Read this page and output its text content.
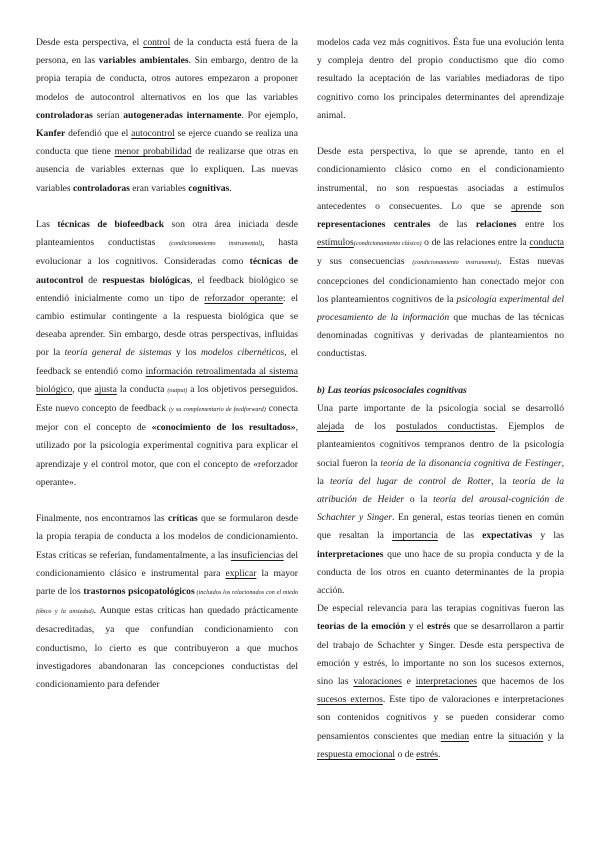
Desde esta perspectiva, el control de la conducta está fuera de la persona, en las variables ambientales. Sin embargo, dentro de la propia terapia de conducta, otros autores empezaron a proponer modelos de autocontrol alternativos en los que las variables controladoras serían autogeneradas internamente. Por ejemplo, Kanfer defendió que el autocontrol se ejerce cuando se realiza una conducta que tiene menor probabilidad de realizarse que otras en ausencia de variables externas que lo expliquen. Las nuevas variables controladoras eran variables cognitivas.

Las técnicas de biofeedback son otra área iniciada desde planteamientos conductistas (condicionamiento instrumental), hasta evolucionar a los cognitivos. Consideradas como técnicas de autocontrol de respuestas biológicas, el feedback biológico se entendió inicialmente como un tipo de reforzador operante: el cambio estimular contingente a la respuesta biológica que se deseaba aprender. Sin embargo, desde otras perspectivas, influidas por la teoría general de sistemas y los modelos cibernéticos, el feedback se entendió como información retroalimentada al sistema biológico, que ajusta la conducta (output) a los objetivos perseguidos. Este nuevo concepto de feedback (y su complementario de feedforward) conecta mejor con el concepto de «conocimiento de los resultados», utilizado por la psicología experimental cognitiva para explicar el aprendizaje y el control motor, que con el concepto de «reforzador operante».

Finalmente, nos encontramos las críticas que se formularon desde la propia terapia de conducta a los modelos de condicionamiento. Estas críticas se referían, fundamentalmente, a las insuficiencias del condicionamiento clásico e instrumental para explicar la mayor parte de los trastornos psicopatológicos (incluidos los relacionados con el miedo fóbico y la ansiedad). Aunque estas críticas han quedado prácticamente desacreditadas, ya que confundían condicionamiento con conductismo, lo cierto es que contribuyeron a que muchos investigadores abandonaran las concepciones conductistas del condicionamiento para defender

modelos cada vez más cognitivos. Ésta fue una evolución lenta y compleja dentro del propio conductismo que dio como resultado la aceptación de las variables mediadoras de tipo cognitivo como los principales determinantes del aprendizaje animal.

Desde esta perspectiva, lo que se aprende, tanto en el condicionamiento clásico como en el condicionamiento instrumental, no son respuestas asociadas a estímulos antecedentes o consecuentes. Lo que se aprende son representaciones centrales de las relaciones entre los estímulos(condicionamiento clásico) o de las relaciones entre la conducta y sus consecuencias (condicionamiento instrumental). Estas nuevas concepciones del condicionamiento han conectado mejor con los planteamientos cognitivos de la psicología experimental del procesamiento de la información que muchas de las técnicas denominadas cognitivas y derivadas de planteamientos no conductistas.

b) Las teorías psicosociales cognitivas

Una parte importante de la psicología social se desarrolló alejada de los postulados conductistas. Ejemplos de planteamientos cognitivos tempranos dentro de la psicología social fueron la teoría de la disonancia cognitiva de Festinger, la teoría del lugar de control de Rotter, la teoría de la atribución de Heider o la teoría del arousal-cognición de Schachter y Singer. En general, estas teorías tienen en común que resaltan la importancia de las expectativas y las interpretaciones que uno hace de su propia conducta y de la conducta de los otros en cuanto determinantes de la propia acción.

De especial relevancia para las terapias cognitivas fueron las teorías de la emoción y el estrés que se desarrollaron a partir del trabajo de Schachter y Singer. Desde esta perspectiva de emoción y estrés, lo importante no son los sucesos externos, sino las valoraciones e interpretaciones que hacemos de los sucesos externos. Este tipo de valoraciones e interpretaciones son contenidos cognitivos y se pueden considerar como pensamientos conscientes que median entre la situación y la respuesta emocional o de estrés.
